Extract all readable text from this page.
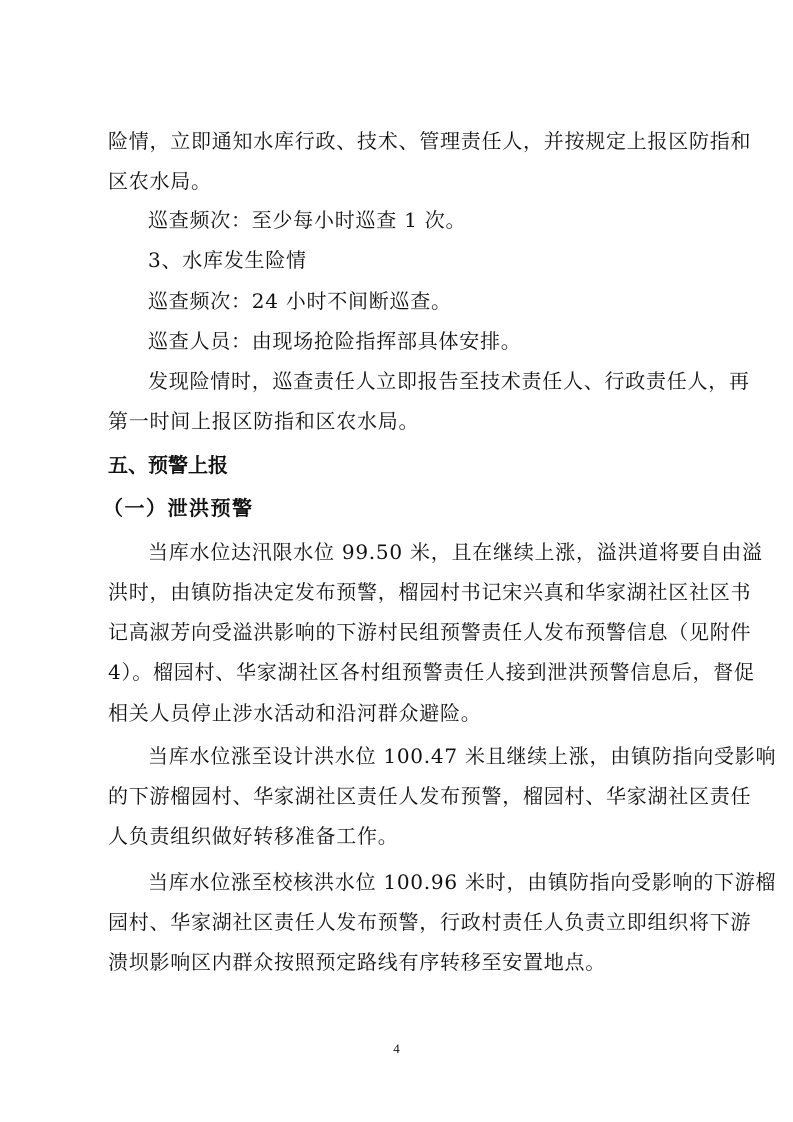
险情，立即通知水库行政、技术、管理责任人，并按规定上报区防指和
区农水局。
巡查频次：至少每小时巡查 1 次。
3、水库发生险情
巡查频次：24 小时不间断巡查。
巡查人员：由现场抢险指挥部具体安排。
发现险情时，巡查责任人立即报告至技术责任人、行政责任人，再
第一时间上报区防指和区农水局。
五、预警上报
（一）泄洪预警
当库水位达汛限水位 99.50 米，且在继续上涨，溢洪道将要自由溢
洪时，由镇防指决定发布预警，榴园村书记宋兴真和华家湖社区社区书
记高淑芳向受溢洪影响的下游村民组预警责任人发布预警信息（见附件
4）。榴园村、华家湖社区各村组预警责任人接到泄洪预警信息后，督促
相关人员停止涉水活动和沿河群众避险。
当库水位涨至设计洪水位 100.47 米且继续上涨，由镇防指向受影响
的下游榴园村、华家湖社区责任人发布预警，榴园村、华家湖社区责任
人负责组织做好转移准备工作。
当库水位涨至校核洪水位 100.96 米时，由镇防指向受影响的下游榴
园村、华家湖社区责任人发布预警，行政村责任人负责立即组织将下游
溃坝影响区内群众按照预定路线有序转移至安置地点。
4
